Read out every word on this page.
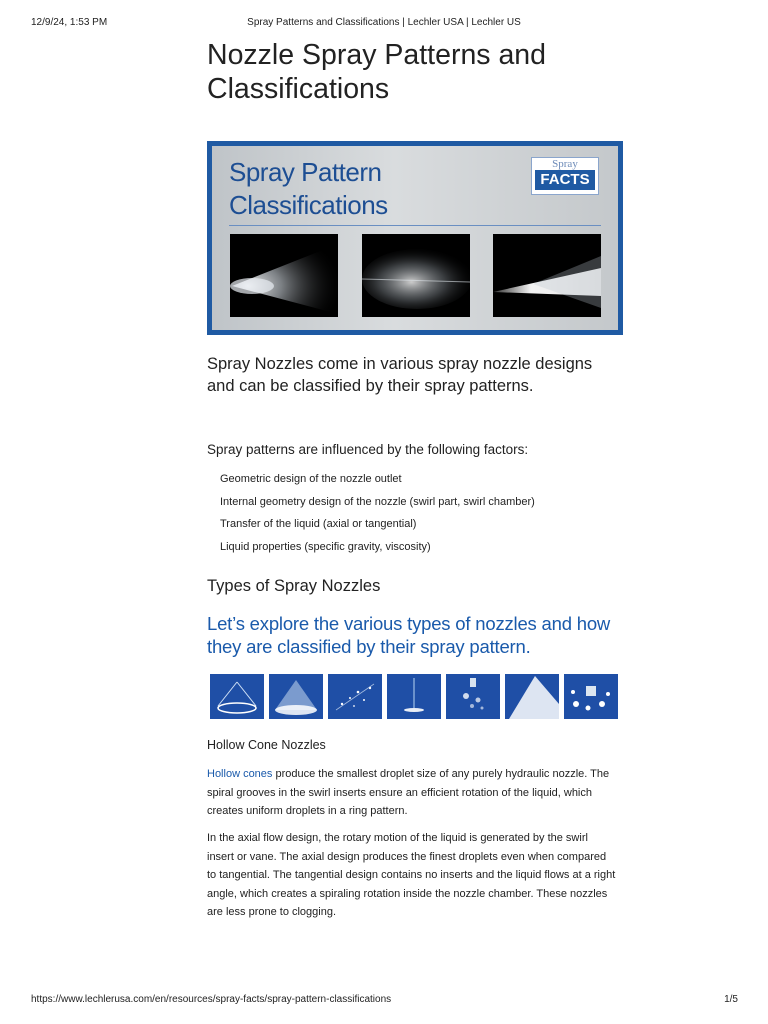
12/9/24, 1:53 PM	Spray Patterns and Classifications | Lechler USA | Lechler US
Nozzle Spray Patterns and Classifications
Spray Pattern Classifications
Spray
FACTS

Spray Nozzles come in various spray nozzle designs and can be classified by their spray patterns.

Spray patterns are influenced by the following factors:

Geometric design of the nozzle outlet

Internal geometry design of the nozzle (swirl part, swirl chamber)

Transfer of the liquid (axial or tangential)

Liquid properties (specific gravity, viscosity)

Types of Spray Nozzles

Let’s explore the various types of nozzles and how they are classified by their spray pattern.

Hollow Cone Nozzles

Hollow cones produce the smallest droplet size of any purely hydraulic nozzle. The spiral grooves in the swirl inserts ensure an efficient rotation of the liquid, which creates uniform droplets in a ring pattern.

In the axial flow design, the rotary motion of the liquid is generated by the swirl insert or vane. The axial design produces the finest droplets even when compared to tangential. The tangential design contains no inserts and the liquid flows at a right angle, which creates a spiraling rotation inside the nozzle chamber. These nozzles are less prone to clogging.

https://www.lechlerusa.com/en/resources/spray-facts/spray-pattern-classifications	1/5
